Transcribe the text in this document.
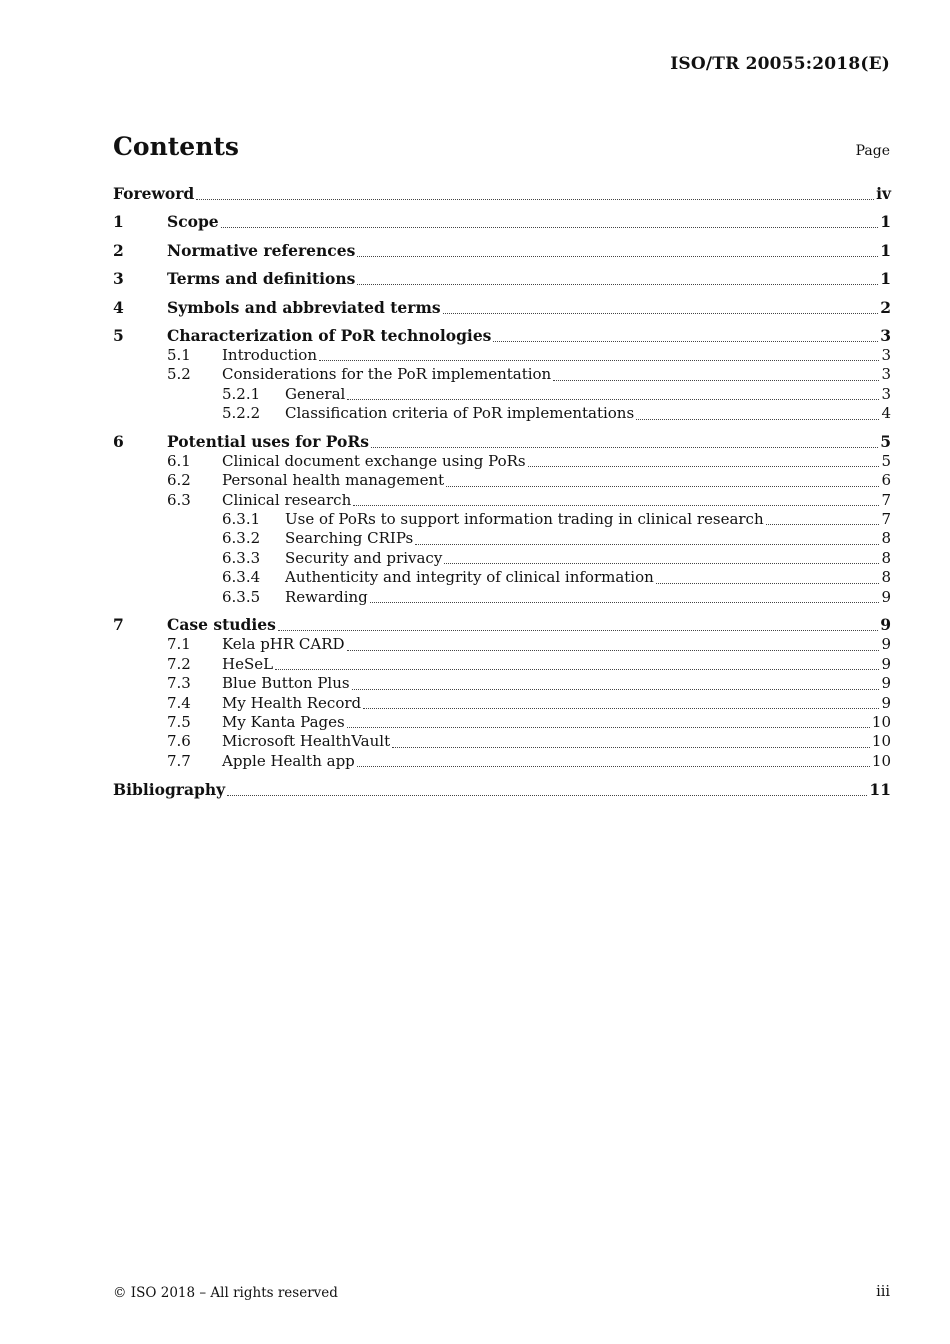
ISO/TR 20055:2018(E)
Contents	Page
Foreword	iv
1	Scope	1
2	Normative references	1
3	Terms and definitions	1
4	Symbols and abbreviated terms	2
5	Characterization of PoR technologies	3
5.1	Introduction	3
5.2	Considerations for the PoR implementation	3
5.2.1	General	3
5.2.2	Classification criteria of PoR implementations	4
6	Potential uses for PoRs	5
6.1	Clinical document exchange using PoRs	5
6.2	Personal health management	6
6.3	Clinical research	7
6.3.1	Use of PoRs to support information trading in clinical research	7
6.3.2	Searching CRIPs	8
6.3.3	Security and privacy	8
6.3.4	Authenticity and integrity of clinical information	8
6.3.5	Rewarding	9
7	Case studies	9
7.1	Kela pHR CARD	9
7.2	HeSeL	9
7.3	Blue Button Plus	9
7.4	My Health Record	9
7.5	My Kanta Pages	10
7.6	Microsoft HealthVault	10
7.7	Apple Health app	10
Bibliography	11
© ISO 2018 – All rights reserved	iii
